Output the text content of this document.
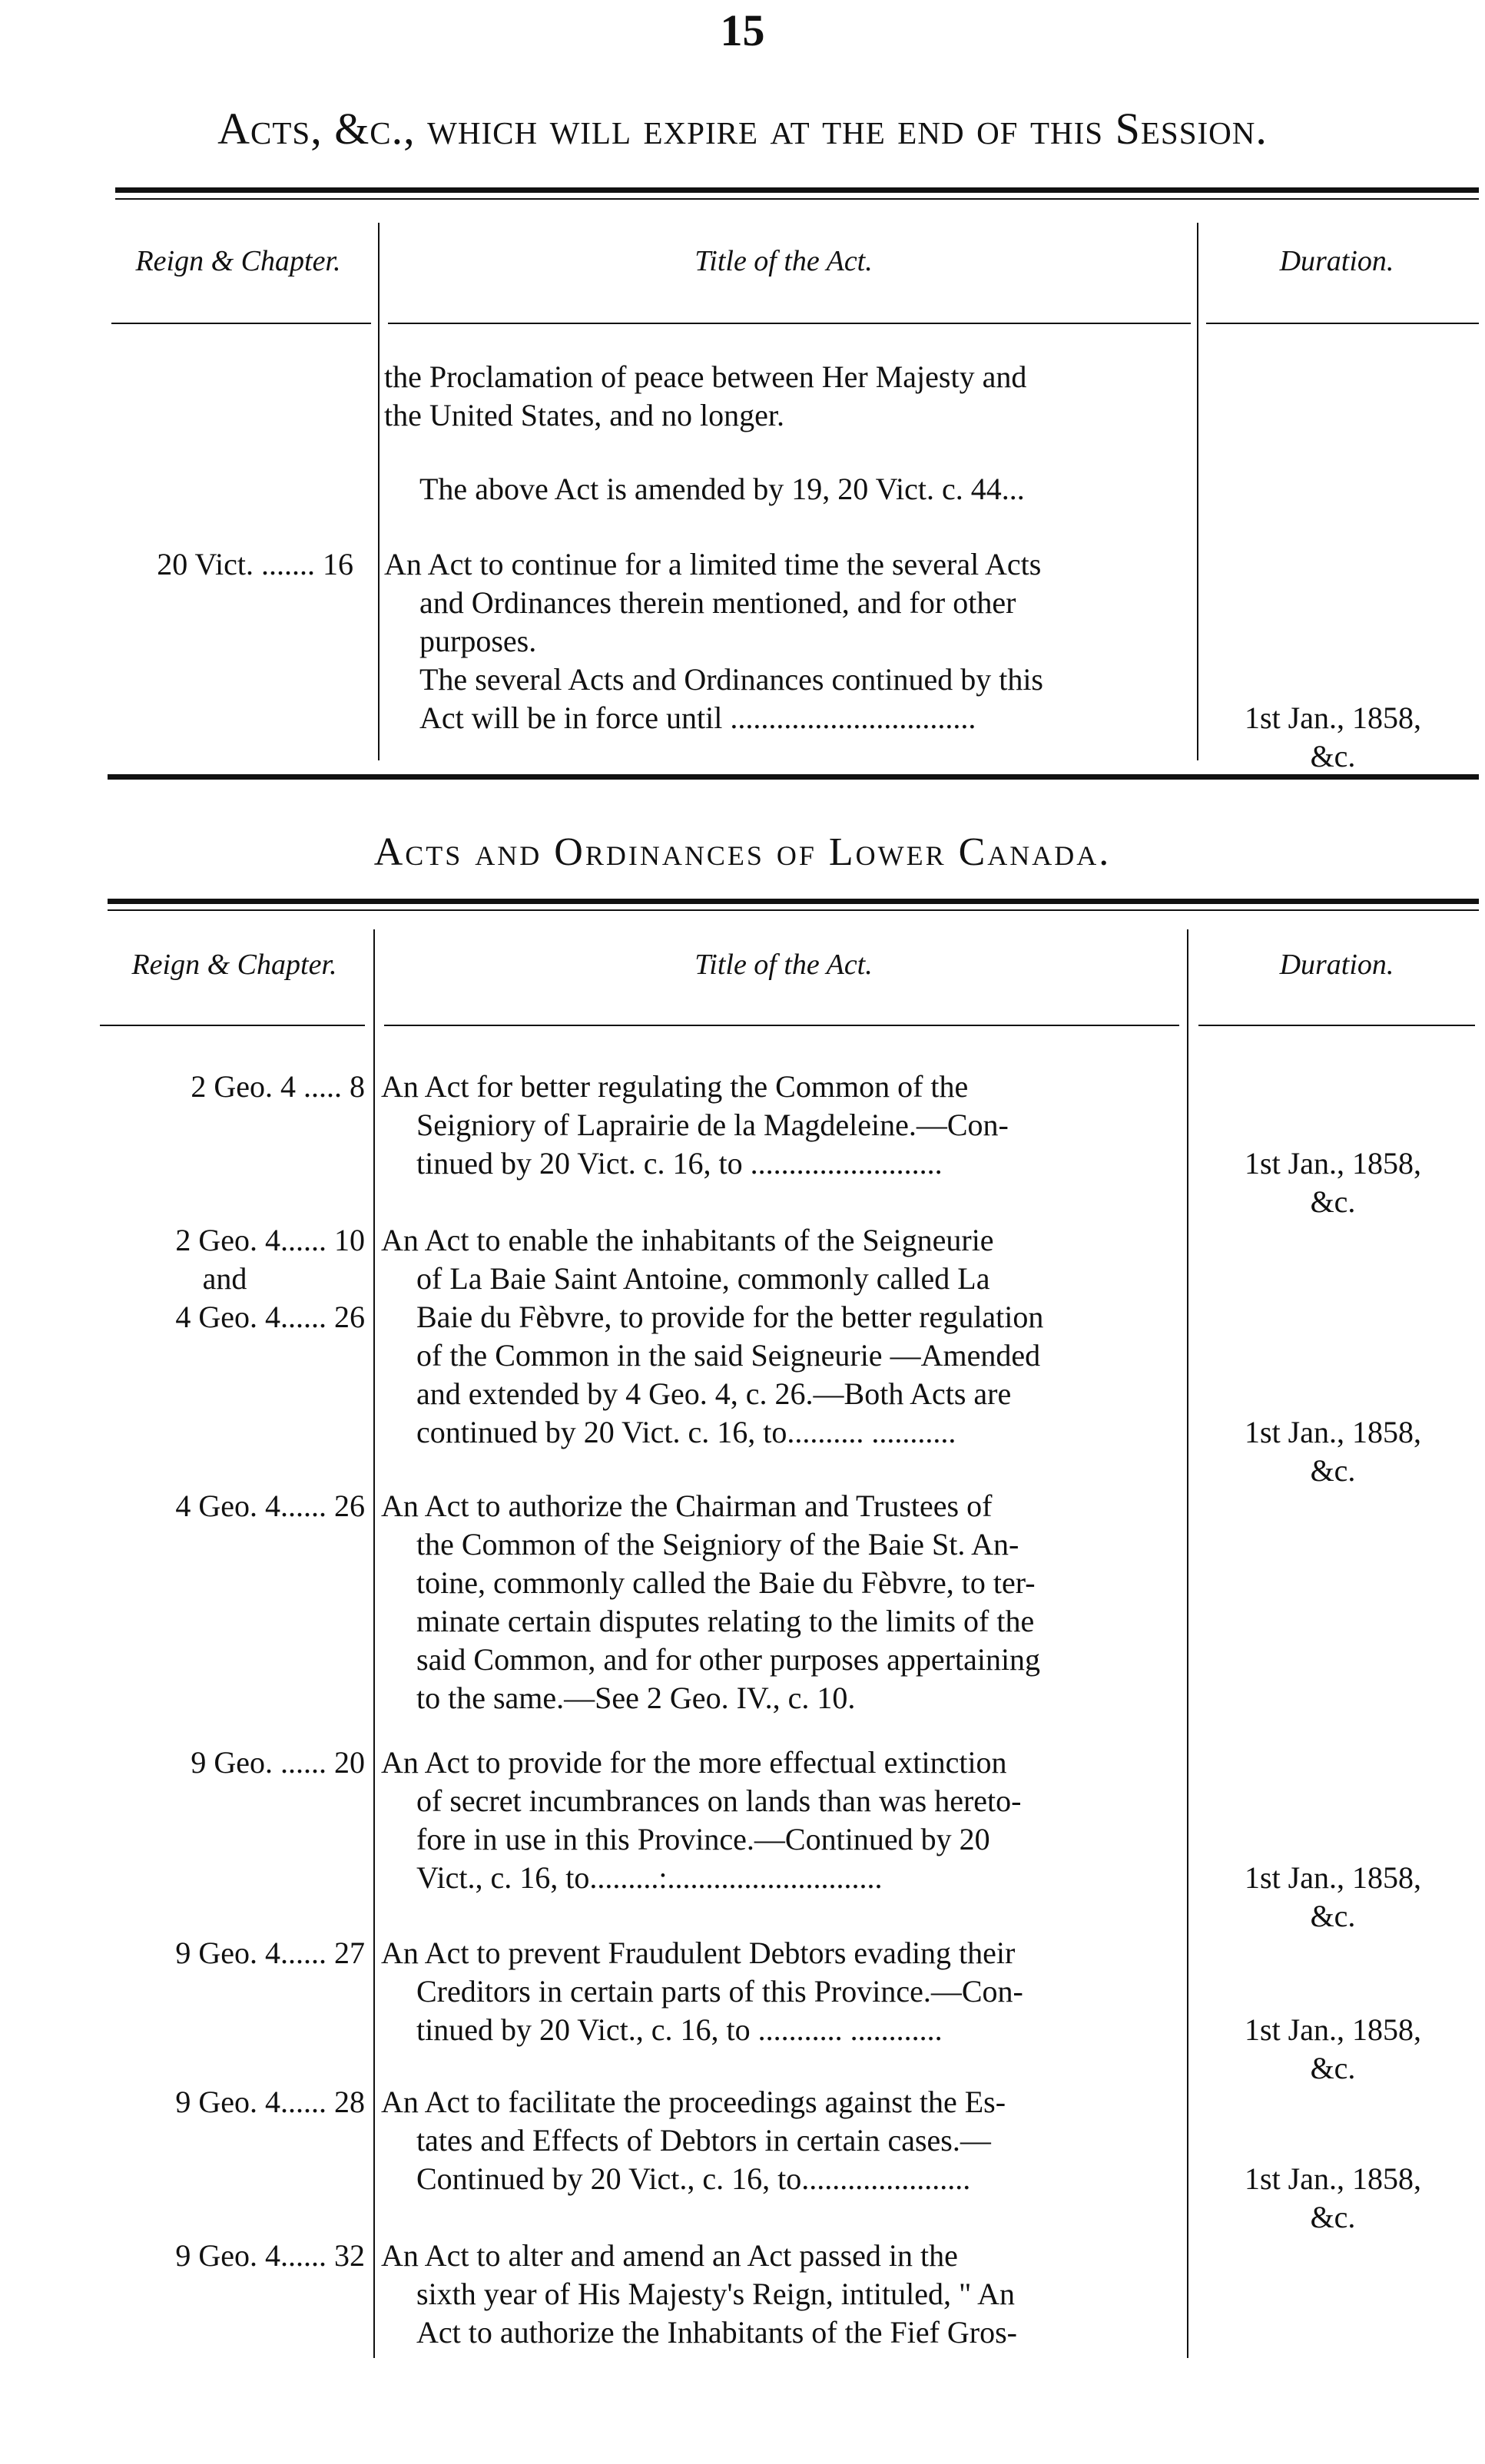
15
Acts, &c., which will expire at the end of this Session.
Reign & Chapter.	Title of the Act.	Duration.
the Proclamation of peace between Her Majesty and
the United States, and no longer.
The above Act is amended by 19, 20 Vict. c. 44...
20 Vict. ....... 16 An Act to continue for a limited time the several Acts
and Ordinances therein mentioned, and for other
purposes.
The several Acts and Ordinances continued by this
Act will be in force until ................................	1st Jan., 1858,
&c.
Acts and Ordinances of Lower Canada.
Reign & Chapter.	Title of the Act.	Duration.
2 Geo. 4 ..... 8 An Act for better regulating the Common of the
Seigniory of Laprairie de la Magdeleine.—Con-
tinued by 20 Vict. c. 16, to .........................	1st Jan., 1858,
&c.
2 Geo. 4...... 10
and
4 Geo. 4...... 26
An Act to enable the inhabitants of the Seigneurie
of La Baie Saint Antoine, commonly called La
Baie du Fèbvre, to provide for the better regulation
of the Common in the said Seigneurie —Amended
and extended by 4 Geo. 4, c. 26.—Both Acts are
continued by 20 Vict. c. 16, to.......... ...........	1st Jan., 1858,
&c.
4 Geo. 4...... 26 An Act to authorize the Chairman and Trustees of
the Common of the Seigniory of the Baie St. An-
toine, commonly called the Baie du Fèbvre, to ter-
minate certain disputes relating to the limits of the
said Common, and for other purposes appertaining
to the same.—See 2 Geo. IV., c. 10.
9 Geo. ...... 20 An Act to provide for the more effectual extinction
of secret incumbrances on lands than was hereto-
fore in use in this Province.—Continued by 20
Vict., c. 16, to.........:............................	1st Jan., 1858,
&c.
9 Geo. 4...... 27 An Act to prevent Fraudulent Debtors evading their
Creditors in certain parts of this Province.—Con-
tinued by 20 Vict., c. 16, to ........... ............	1st Jan., 1858,
&c.
9 Geo. 4...... 28 An Act to facilitate the proceedings against the Es-
tates and Effects of Debtors in certain cases.—
Continued by 20 Vict., c. 16, to......................	1st Jan., 1858,
&c.
9 Geo. 4...... 32 An Act to alter and amend an Act passed in the
sixth year of His Majesty's Reign, intituled, " An
Act to authorize the Inhabitants of the Fief Gros-
